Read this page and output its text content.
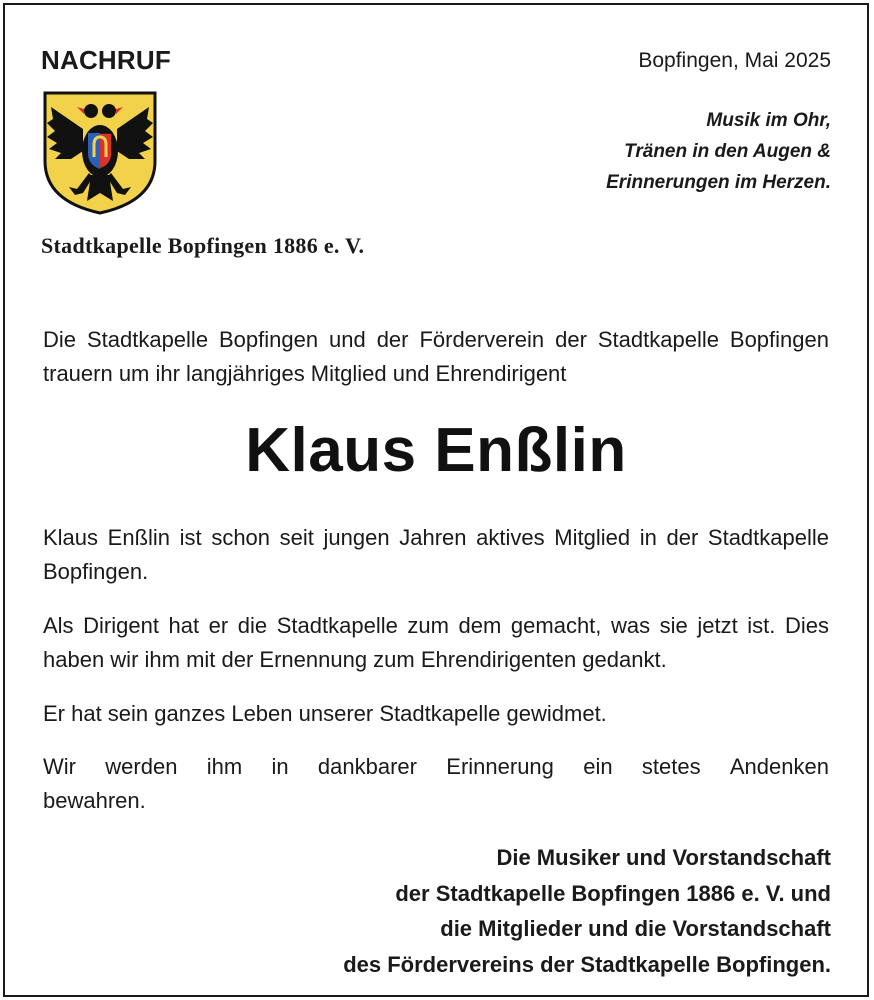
NACHRUF	Bopfingen, Mai 2025
Musik im Ohr,
Tränen in den Augen &
Erinnerungen im Herzen.
Stadtkapelle Bopfingen 1886 e. V.
Die Stadtkapelle Bopfingen und der Förderverein der Stadtkapelle Bopfingen trauern um ihr langjähriges Mitglied und Ehrendirigent
Klaus Enßlin
Klaus Enßlin ist schon seit jungen Jahren aktives Mitglied in der Stadtkapelle Bopfingen.
Als Dirigent hat er die Stadtkapelle zum dem gemacht, was sie jetzt ist. Dies haben wir ihm mit der Ernennung zum Ehrendirigenten gedankt.
Er hat sein ganzes Leben unserer Stadtkapelle gewidmet.
Wir werden ihm in dankbarer Erinnerung ein stetes Andenken
bewahren.
Die Musiker und Vorstandschaft
der Stadtkapelle Bopfingen 1886 e. V. und
die Mitglieder und die Vorstandschaft
des Fördervereins der Stadtkapelle Bopfingen.
